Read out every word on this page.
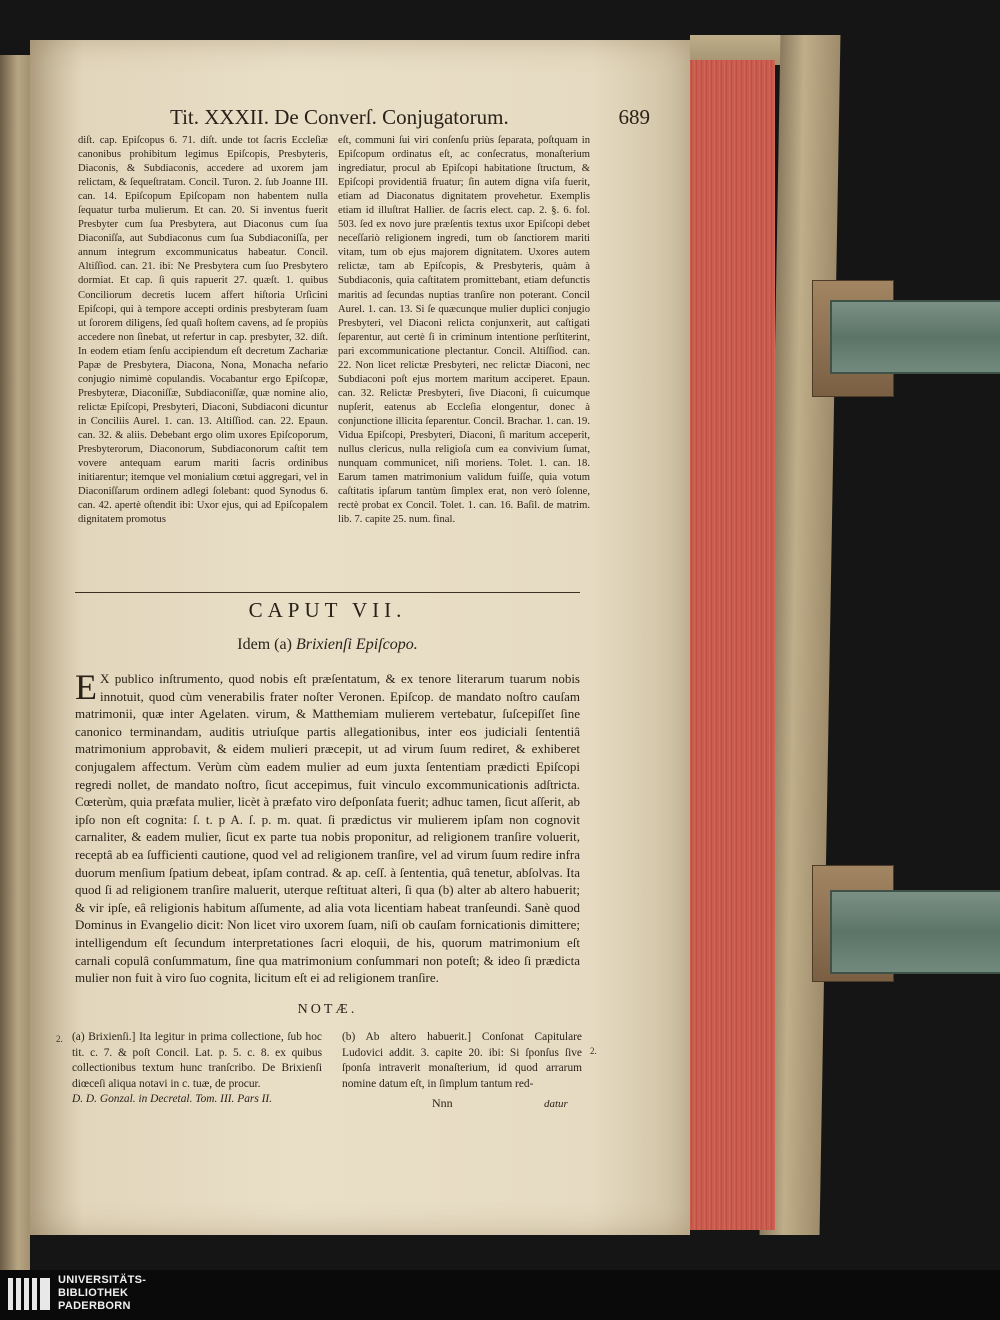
Tit. XXXII. De Converſ. Conjugatorum.	689
diſt. cap. Epiſcopus 6. 71. diſt. unde tot ſacris Eccleſiæ canonibus prohibitum legimus Epiſcopis, Presbyteris, Diaconis, & Subdiaconis, accedere ad uxorem jam relictam, & ſequeſtratam. Concil. Turon. 2. ſub Joanne III. can. 14. Epiſcopum Epiſcopam non habentem nulla ſequatur turba mulierum. Et can. 20. Si inventus fuerit Presbyter cum ſua Presbytera, aut Diaconus cum ſua Diaconiſſa, aut Subdiaconus cum ſua Subdiaconiſſa, per annum integrum excommunicatus habeatur. Concil. Altiſſiod. can. 21. ibi: Ne Presbytera cum ſuo Presbytero dormiat. Et cap. ſi quis rapuerit 27. quæſt. 1. quibus Conciliorum decretis lucem affert hiſtoria Urſicini Epiſcopi, qui à tempore accepti ordinis presbyteram ſuam ut ſororem diligens, ſed quaſi hoſtem cavens, ad ſe propiùs accedere non ſinebat, ut refertur in cap. presbyter, 32. diſt. In eodem etiam ſenſu accipiendum eſt decretum Zachariæ Papæ de Presbytera, Diacona, Nona, Monacha nefario conjugio nimìmè copulandis. Vocabantur ergo Epiſcopæ, Presbyteræ, Diaconiſſæ, Subdiaconiſſæ, quæ nomine alio, relictæ Epiſcopi, Presbyteri, Diaconi, Subdiaconi dicuntur in Conciliis Aurel. 1. can. 13. Altiſſiod. can. 22. Epaun. can. 32. & aliis. Debebant ergo olim uxores Epiſcoporum, Presbyterorum, Diaconorum, Subdiaconorum caſtit tem vovere antequam earum mariti ſacris ordinibus initiarentur; itemque vel monialium cœtui aggregari, vel in Diaconiſſarum ordinem adlegi ſolebant: quod Synodus 6. can. 42. apertè oſtendit ibi: Uxor ejus, qui ad Epiſcopalem dignitatem promotus
eſt, communi ſui viri conſenſu priùs ſeparata, poſtquam in Epiſcopum ordinatus eſt, ac conſecratus, monaſterium ingrediatur, procul ab Epiſcopi habitatione ſtructum, & Epiſcopi providentiâ fruatur; ſin autem digna viſa fuerit, etiam ad Diaconatus dignitatem provehetur. Exemplis etiam id illuſtrat Hallier. de ſacris elect. cap. 2. §. 6. fol. 503. ſed ex novo jure præſentis textus uxor Epiſcopi debet neceſſariò religionem ingredi, tum ob ſanctiorem mariti vitam, tum ob ejus majorem dignitatem. Uxores autem relictæ, tam ab Epiſcopis, & Presbyteris, quàm à Subdiaconis, quia caſtitatem promittebant, etiam defunctis maritis ad ſecundas nuptias tranſire non poterant. Concil Aurel. 1. can. 13. Si ſe quæcunque mulier duplici conjugio Presbyteri, vel Diaconi relicta conjunxerit, aut caſtigati ſeparentur, aut certè ſi in criminum intentione perſtiterint, pari excommunicatione plectantur. Concil. Altiſſiod. can. 22. Non licet relictæ Presbyteri, nec relictæ Diaconi, nec Subdiaconi poſt ejus mortem maritum acciperet. Epaun. can. 32. Relictæ Presbyteri, ſive Diaconi, ſi cuicumque nupſerit, eatenus ab Eccleſia elongentur, donec à conjunctione illicita ſeparentur. Concil. Brachar. 1. can. 19. Vidua Epiſcopi, Presbyteri, Diaconi, ſi maritum acceperit, nullus clericus, nulla religioſa cum ea convivium ſumat, nunquam communicet, niſi moriens. Tolet. 1. can. 18. Earum tamen matrimonium validum fuiſſe, quia votum caſtitatis ipſarum tantùm ſimplex erat, non verò ſolenne, rectè probat ex Concil. Tolet. 1. can. 16. Baſil. de matrim. lib. 7. capite 25. num. final.
CAPUT VII.
Idem (a) Brixienſi Epiſcopo.
E X publico inſtrumento, quod nobis eſt præſentatum, & ex tenore literarum tuarum nobis innotuit, quod cùm venerabilis frater noſter Veronen. Epiſcop. de mandato noſtro cauſam matrimonii, quæ inter Agelaten. virum, & Matthemiam mulierem vertebatur, ſuſcepiſſet ſine canonico terminandam, auditis utriuſque partis allegationibus, inter eos judiciali ſententiâ matrimonium approbavit, & eidem mulieri præcepit, ut ad virum ſuum rediret, & exhiberet conjugalem affectum. Verùm cùm eadem mulier ad eum juxta ſententiam prædicti Epiſcopi regredi nollet, de mandato noſtro, ſicut accepimus, fuit vinculo excommunicationis adſtricta. Cœterùm, quia præfata mulier, licèt à præfato viro deſponſata fuerit; adhuc tamen, ſicut aſſerit, ab ipſo non eſt cognita: ſ. t. p A. ſ. p. m. quat. ſi prædictus vir mulierem ipſam non cognovit carnaliter, & eadem mulier, ſicut ex parte tua nobis proponitur, ad religionem tranſire voluerit, receptâ ab ea ſufficienti cautione, quod vel ad religionem tranſire, vel ad virum ſuum redire infra duorum menſium ſpatium debeat, ipſam contrad. & ap. ceſſ. à ſententia, quâ tenetur, abſolvas. Ita quod ſi ad religionem tranſire maluerit, uterque reſtituat alteri, ſi qua (b) alter ab altero habuerit; & vir ipſe, eâ religionis habitum aſſumente, ad alia vota licentiam habeat tranſeundi. Sanè quod Dominus in Evangelio dicit: Non licet viro uxorem ſuam, niſi ob cauſam fornicationis dimittere; intelligendum eſt ſecundum interpretationes ſacri eloquii, de his, quorum matrimonium eſt carnali copulâ conſummatum, ſine qua matrimonium conſummari non poteſt; & ideo ſi prædicta mulier non fuit à viro ſuo cognita, licitum eſt ei ad religionem tranſire.
NOTÆ.
2. (a) Brixienſi.] Ita legitur in prima collectione, ſub hoc tit. c. 7. & poſt Concil. Lat. p. 5. c. 8. ex quibus collectionibus textum hunc tranſcribo. De Brixienſi diœceſi aliqua notavi in c. tuæ, de procur.
D. D. Gonzal. in Decretal. Tom. III. Pars II.
(b) Ab altero habuerit.] Conſonat Capitulare Ludovici addit. 3. capite 20. ibi: Si ſponſus ſive ſponſa intraverit monaſterium, id quod arrarum nomine datum eſt, in ſimplum tantum red-
2.
Nnn	datur
UNIVERSITÄTS-
BIBLIOTHEK
PADERBORN
